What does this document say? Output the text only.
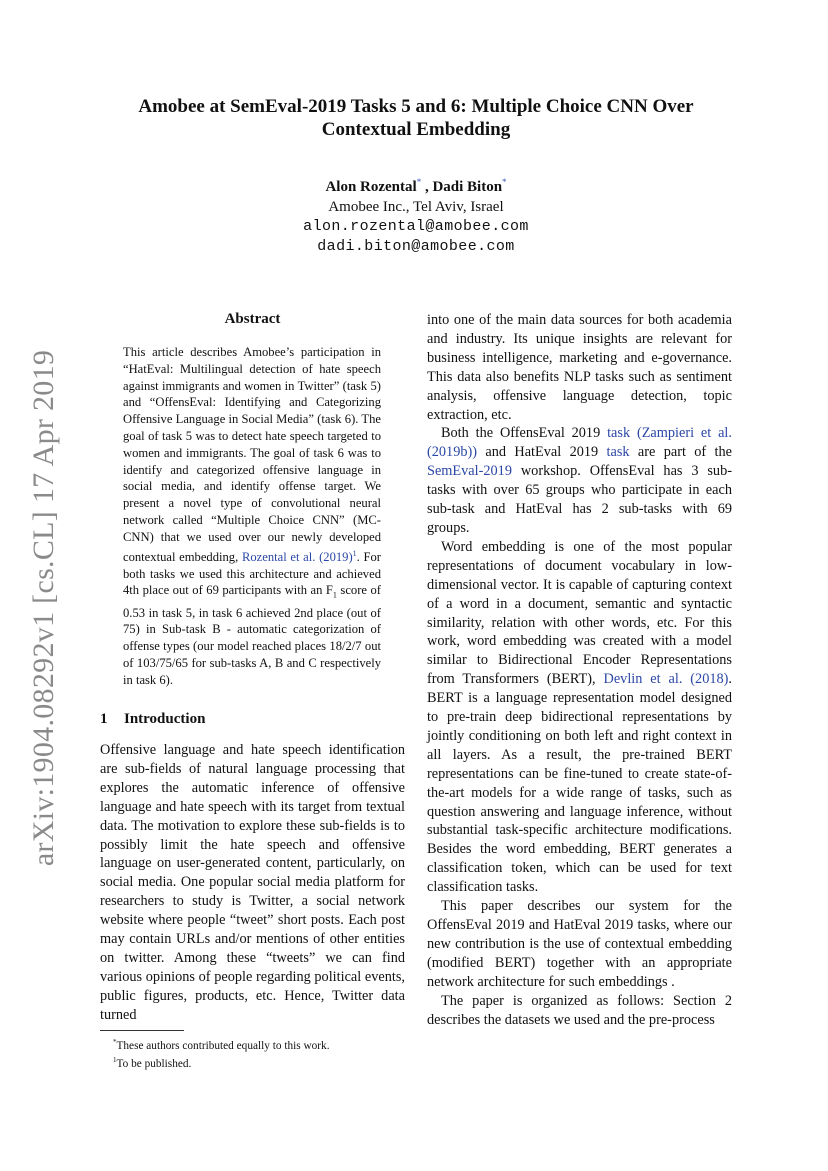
arXiv:1904.08292v1 [cs.CL] 17 Apr 2019
Amobee at SemEval-2019 Tasks 5 and 6: Multiple Choice CNN Over
Contextual Embedding
Alon Rozental* , Dadi Biton*
Amobee Inc., Tel Aviv, Israel
alon.rozental@amobee.com
dadi.biton@amobee.com
Abstract
This article describes Amobee’s participation in “HatEval: Multilingual detection of hate speech against immigrants and women in Twitter” (task 5) and “OffensEval: Identifying and Categorizing Offensive Language in Social Media” (task 6). The goal of task 5 was to detect hate speech targeted to women and immigrants. The goal of task 6 was to identify and categorized offensive language in social media, and identify offense target. We present a novel type of convolutional neural network called “Multiple Choice CNN” (MC-CNN) that we used over our newly developed contextual embedding, Rozental et al. $(2019)^1$. For both tasks we used this architecture and achieved 4th place out of 69 participants with an $F_1$ score of 0.53 in task 5, in task 6 achieved 2nd place (out of 75) in Sub-task B - automatic categorization of offense types (our model reached places 18/2/7 out of 103/75/65 for sub-tasks A, B and C respectively in task 6).
1 Introduction

Offensive language and hate speech identification are sub-fields of natural language processing that explores the automatic inference of offensive language and hate speech with its target from textual data. The motivation to explore these sub-fields is to possibly limit the hate speech and offensive language on user-generated content, particularly, on social media. One popular social media platform for researchers to study is Twitter, a social network website where people “tweet” short posts. Each post may contain URLs and/or mentions of other entities on twitter. Among these “tweets” we can find various opinions of people regarding political events, public figures, products, etc. Hence, Twitter data turned

into one of the main data sources for both academia and industry. Its unique insights are relevant for business intelligence, marketing and e-governance. This data also benefits NLP tasks such as sentiment analysis, offensive language detection, topic extraction, etc.

Both the OffensEval 2019 task (Zampieri et al. (2019b)) and HatEval 2019 task are part of the SemEval-2019 workshop. OffensEval has 3 sub-tasks with over 65 groups who participate in each sub-task and HatEval has 2 sub-tasks with 69 groups.

Word embedding is one of the most popular representations of document vocabulary in low-dimensional vector. It is capable of capturing context of a word in a document, semantic and syntactic similarity, relation with other words, etc. For this work, word embedding was created with a model similar to Bidirectional Encoder Representations from Transformers (BERT), Devlin et al. (2018). BERT is a language representation model designed to pre-train deep bidirectional representations by jointly conditioning on both left and right context in all layers. As a result, the pre-trained BERT representations can be fine-tuned to create state-of-the-art models for a wide range of tasks, such as question answering and language inference, without substantial task-specific architecture modifications. Besides the word embedding, BERT generates a classification token, which can be used for text classification tasks.

This paper describes our system for the OffensEval 2019 and HatEval 2019 tasks, where our new contribution is the use of contextual embedding (modified BERT) together with an appropriate network architecture for such embeddings .

The paper is organized as follows: Section 2 describes the datasets we used and the pre-process

*These authors contributed equally to this work.
$^1$To be published.
